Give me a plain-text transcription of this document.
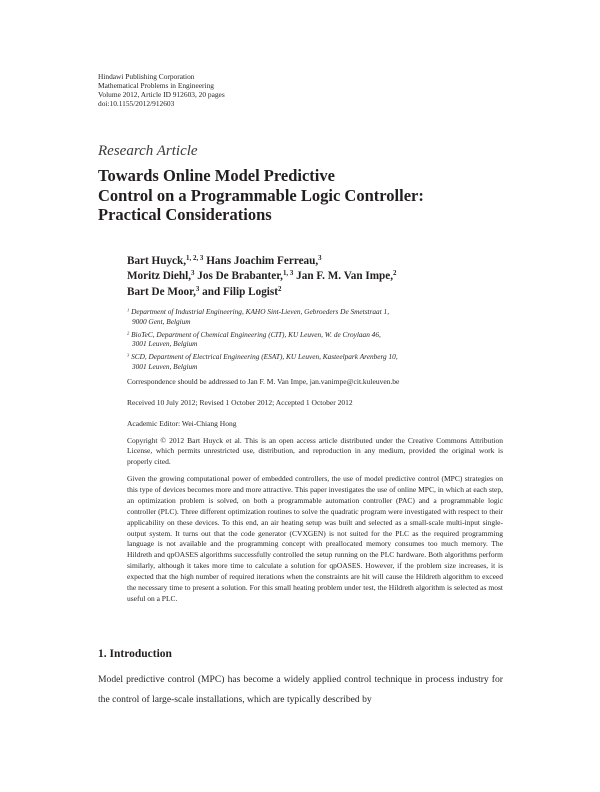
Hindawi Publishing Corporation
Mathematical Problems in Engineering
Volume 2012, Article ID 912603, 20 pages
doi:10.1155/2012/912603
Research Article
Towards Online Model Predictive
Control on a Programmable Logic Controller:
Practical Considerations
Bart Huyck,$^{1, 2, 3}$ Hans Joachim Ferreau,$^3$
Moritz Diehl,$^3$ Jos De Brabanter,$^{1, 3}$ Jan F. M. Van Impe,$^2$
Bart De Moor,$^3$ and Filip Logist$^2$
$^1$ Department of Industrial Engineering, KAHO Sint-Lieven, Gebroeders De Smetstraat 1,
9000 Gent, Belgium
$^2$ BioTeC, Department of Chemical Engineering (CIT), KU Leuven, W. de Croylaan 46,
3001 Leuven, Belgium
$^3$ SCD, Department of Electrical Engineering (ESAT), KU Leuven, Kasteelpark Arenberg 10,
3001 Leuven, Belgium
Correspondence should be addressed to Jan F. M. Van Impe, jan.vanimpe@cit.kuleuven.be
Received 10 July 2012; Revised 1 October 2012; Accepted 1 October 2012
Academic Editor: Wei-Chiang Hong
Copyright © 2012 Bart Huyck et al. This is an open access article distributed under the Creative Commons Attribution License, which permits unrestricted use, distribution, and reproduction in any medium, provided the original work is properly cited.
Given the growing computational power of embedded controllers, the use of model predictive control (MPC) strategies on this type of devices becomes more and more attractive. This paper investigates the use of online MPC, in which at each step, an optimization problem is solved, on both a programmable automation controller (PAC) and a programmable logic controller (PLC). Three different optimization routines to solve the quadratic program were investigated with respect to their applicability on these devices. To this end, an air heating setup was built and selected as a small-scale multi-input single-output system. It turns out that the code generator (CVXGEN) is not suited for the PLC as the required programming language is not available and the programming concept with preallocated memory consumes too much memory. The Hildreth and qpOASES algorithms successfully controlled the setup running on the PLC hardware. Both algorithms perform similarly, although it takes more time to calculate a solution for qpOASES. However, if the problem size increases, it is expected that the high number of required iterations when the constraints are hit will cause the Hildreth algorithm to exceed the necessary time to present a solution. For this small heating problem under test, the Hildreth algorithm is selected as most useful on a PLC.
1. Introduction
Model predictive control (MPC) has become a widely applied control technique in process industry for the control of large-scale installations, which are typically described by
